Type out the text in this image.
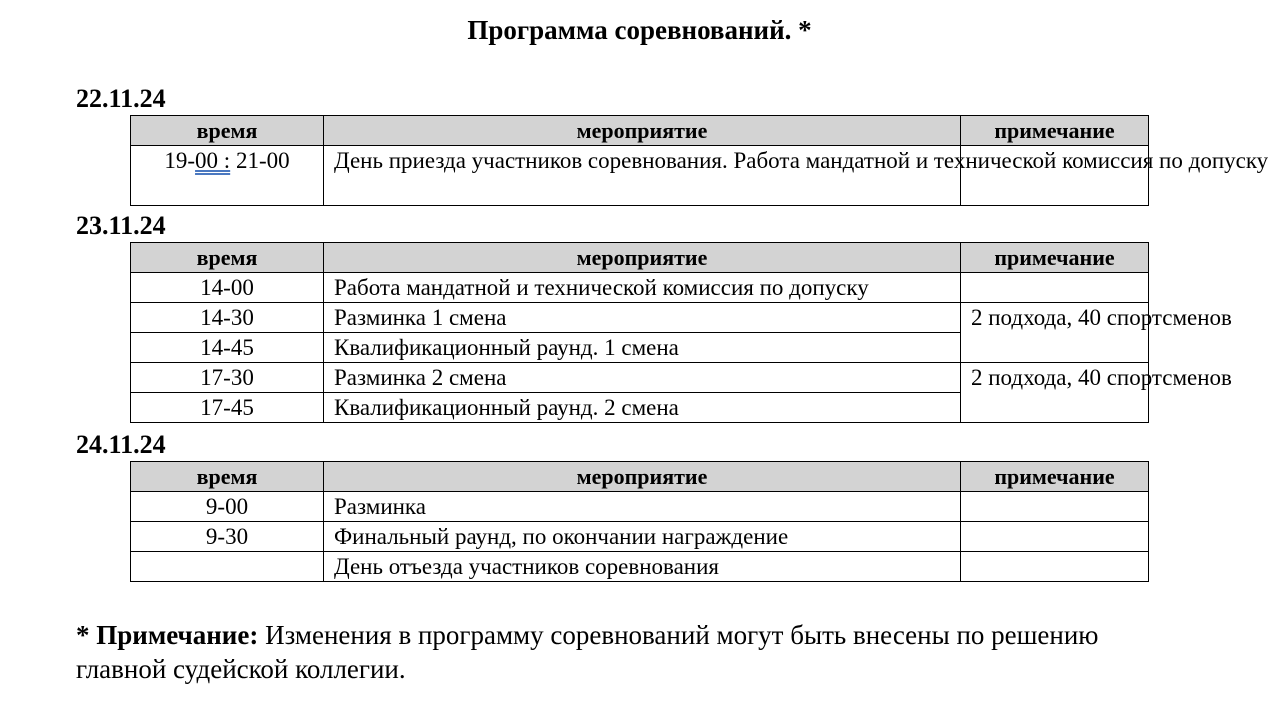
Программа соревнований. *
22.11.24
время	мероприятие	примечание
19-00 : 21-00	День приезда участников соревнования. Работа мандатной и технической комиссия по допуску	
23.11.24
время	мероприятие	примечание
14-00	Работа мандатной и технической комиссия по допуску	
14-30	Разминка 1 смена	2 подхода, 40 спортсменов
14-45	Квалификационный раунд. 1 смена	
17-30	Разминка 2 смена	2 подхода, 40 спортсменов
17-45	Квалификационный раунд. 2 смена	
24.11.24
время	мероприятие	примечание
9-00	Разминка	
9-30	Финальный раунд, по окончании награждение	
	День отъезда участников соревнования	
* Примечание: Изменения в программу соревнований могут быть внесены по решению главной судейской коллегии.
